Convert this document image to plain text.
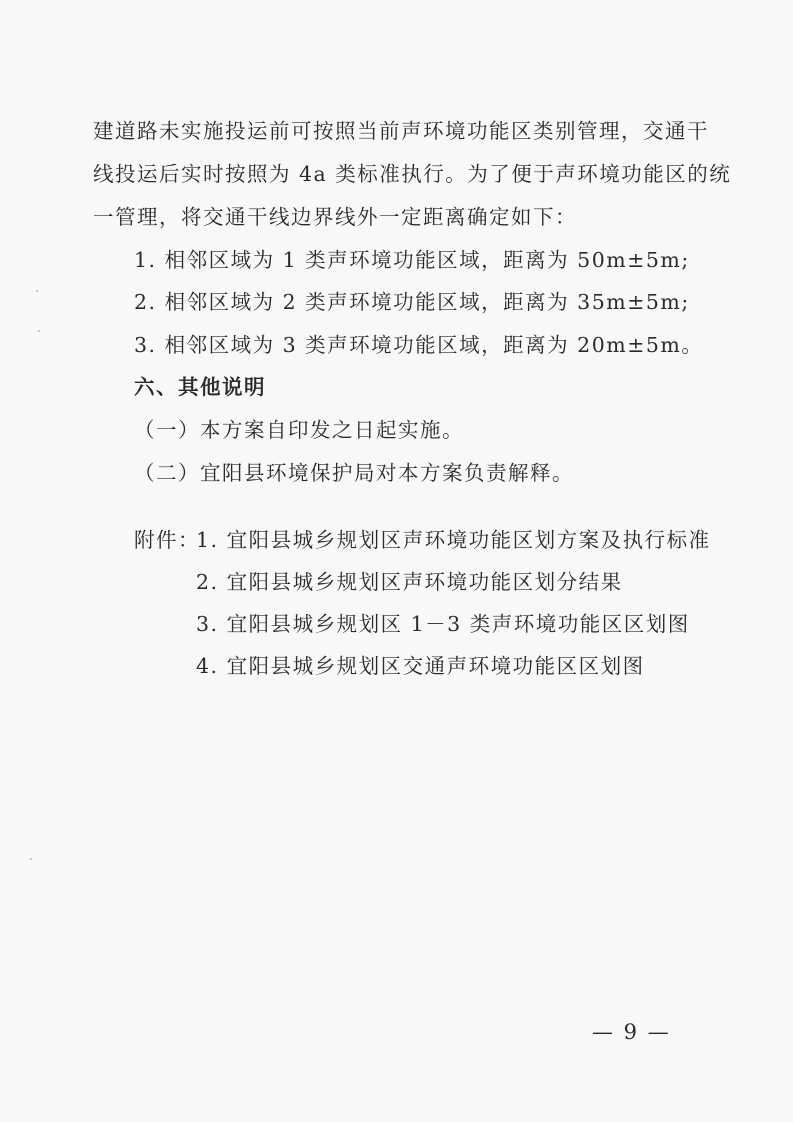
建道路未实施投运前可按照当前声环境功能区类别管理，交通干
线投运后实时按照为 4a 类标准执行。为了便于声环境功能区的统
一管理，将交通干线边界线外一定距离确定如下：
1. 相邻区域为 1 类声环境功能区域，距离为 50m±5m;
2. 相邻区域为 2 类声环境功能区域，距离为 35m±5m;
3. 相邻区域为 3 类声环境功能区域，距离为 20m±5m。
六、其他说明
（一）本方案自印发之日起实施。
（二）宜阳县环境保护局对本方案负责解释。
附件：
1. 宜阳县城乡规划区声环境功能区划方案及执行标准
2. 宜阳县城乡规划区声环境功能区划分结果
3. 宜阳县城乡规划区 1－3 类声环境功能区区划图
4. 宜阳县城乡规划区交通声环境功能区区划图
— 9 —
